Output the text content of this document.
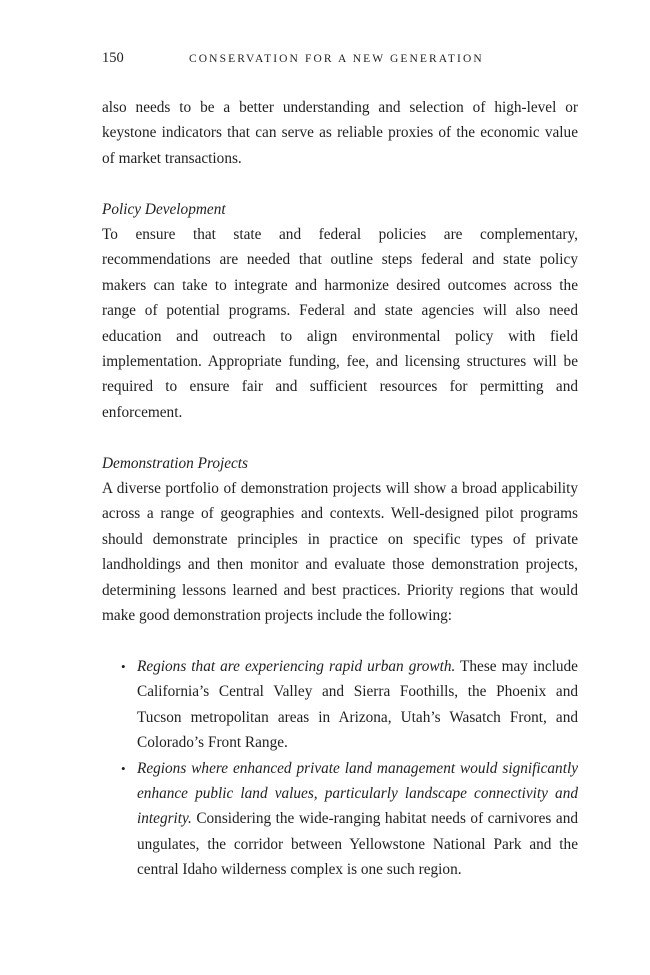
150	CONSERVATION FOR A NEW GENERATION

also needs to be a better understanding and selection of high-level or keystone indicators that can serve as reliable proxies of the economic value of market transactions.

Policy Development

To ensure that state and federal policies are complementary, recommendations are needed that outline steps federal and state policy makers can take to integrate and harmonize desired outcomes across the range of potential programs. Federal and state agencies will also need education and outreach to align environmental policy with field implementation. Appropriate funding, fee, and licensing structures will be required to ensure fair and sufficient resources for permitting and enforcement.

Demonstration Projects

A diverse portfolio of demonstration projects will show a broad applicability across a range of geographies and contexts. Well-designed pilot programs should demonstrate principles in practice on specific types of private landholdings and then monitor and evaluate those demonstration projects, determining lessons learned and best practices. Priority regions that would make good demonstration projects include the following:

• Regions that are experiencing rapid urban growth. These may include California’s Central Valley and Sierra Foothills, the Phoenix and Tucson metropolitan areas in Arizona, Utah’s Wasatch Front, and Colorado’s Front Range.
• Regions where enhanced private land management would significantly enhance public land values, particularly landscape connectivity and integrity. Considering the wide-ranging habitat needs of carnivores and ungulates, the corridor between Yellowstone National Park and the central Idaho wilderness complex is one such region.
